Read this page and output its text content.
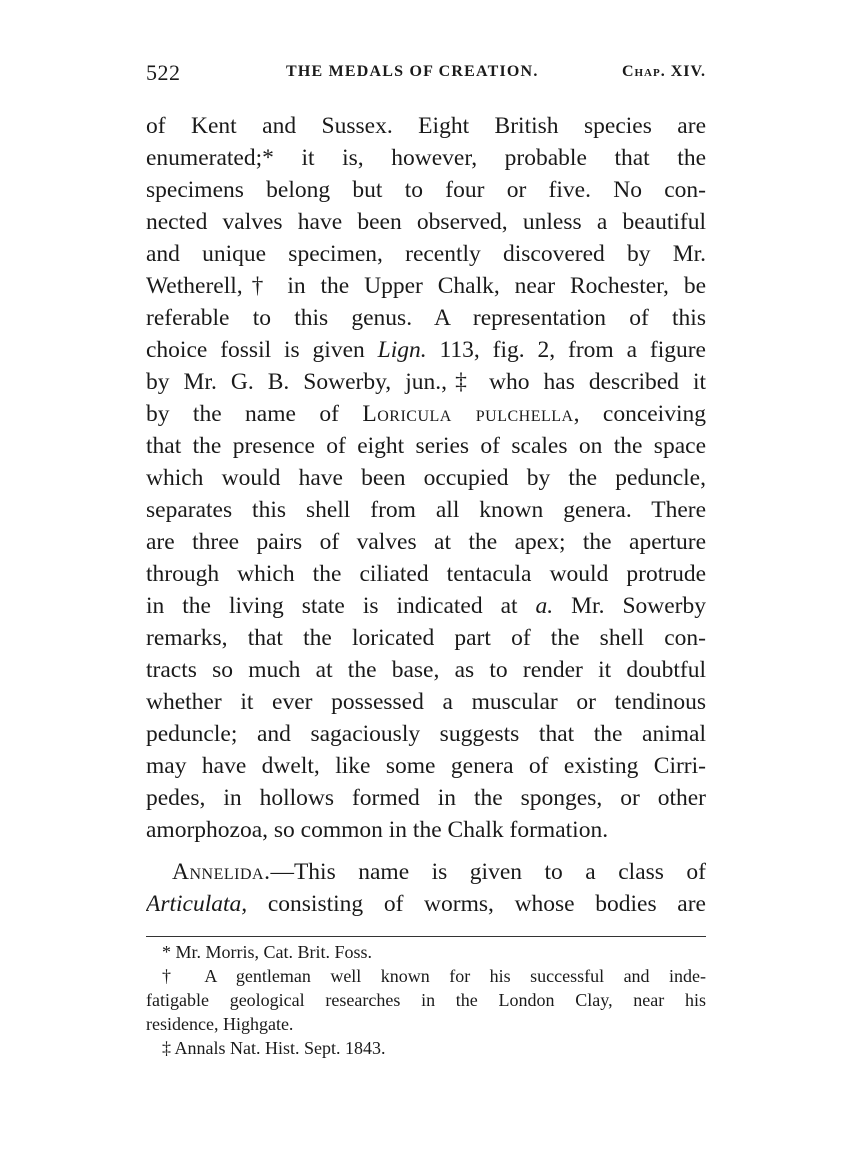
522	THE MEDALS OF CREATION.	Chap. XIV.
of Kent and Sussex. Eight British species are
enumerated;* it is, however, probable that the
specimens belong but to four or five. No con-
nected valves have been observed, unless a beautiful
and unique specimen, recently discovered by Mr.
Wetherell,† in the Upper Chalk, near Rochester, be
referable to this genus. A representation of this
choice fossil is given Lign. 113, fig. 2, from a figure
by Mr. G. B. Sowerby, jun.,‡ who has described it
by the name of Loricula pulchella, conceiving
that the presence of eight series of scales on the space
which would have been occupied by the peduncle,
separates this shell from all known genera. There
are three pairs of valves at the apex; the aperture
through which the ciliated tentacula would protrude
in the living state is indicated at a. Mr. Sowerby
remarks, that the loricated part of the shell con-
tracts so much at the base, as to render it doubtful
whether it ever possessed a muscular or tendinous
peduncle; and sagaciously suggests that the animal
may have dwelt, like some genera of existing Cirri-
pedes, in hollows formed in the sponges, or other
amorphozoa, so common in the Chalk formation.
Annelida.—This name is given to a class of
Articulata, consisting of worms, whose bodies are
* Mr. Morris, Cat. Brit. Foss.
† A gentleman well known for his successful and inde-
fatigable geological researches in the London Clay, near his
residence, Highgate.
‡ Annals Nat. Hist. Sept. 1843.
